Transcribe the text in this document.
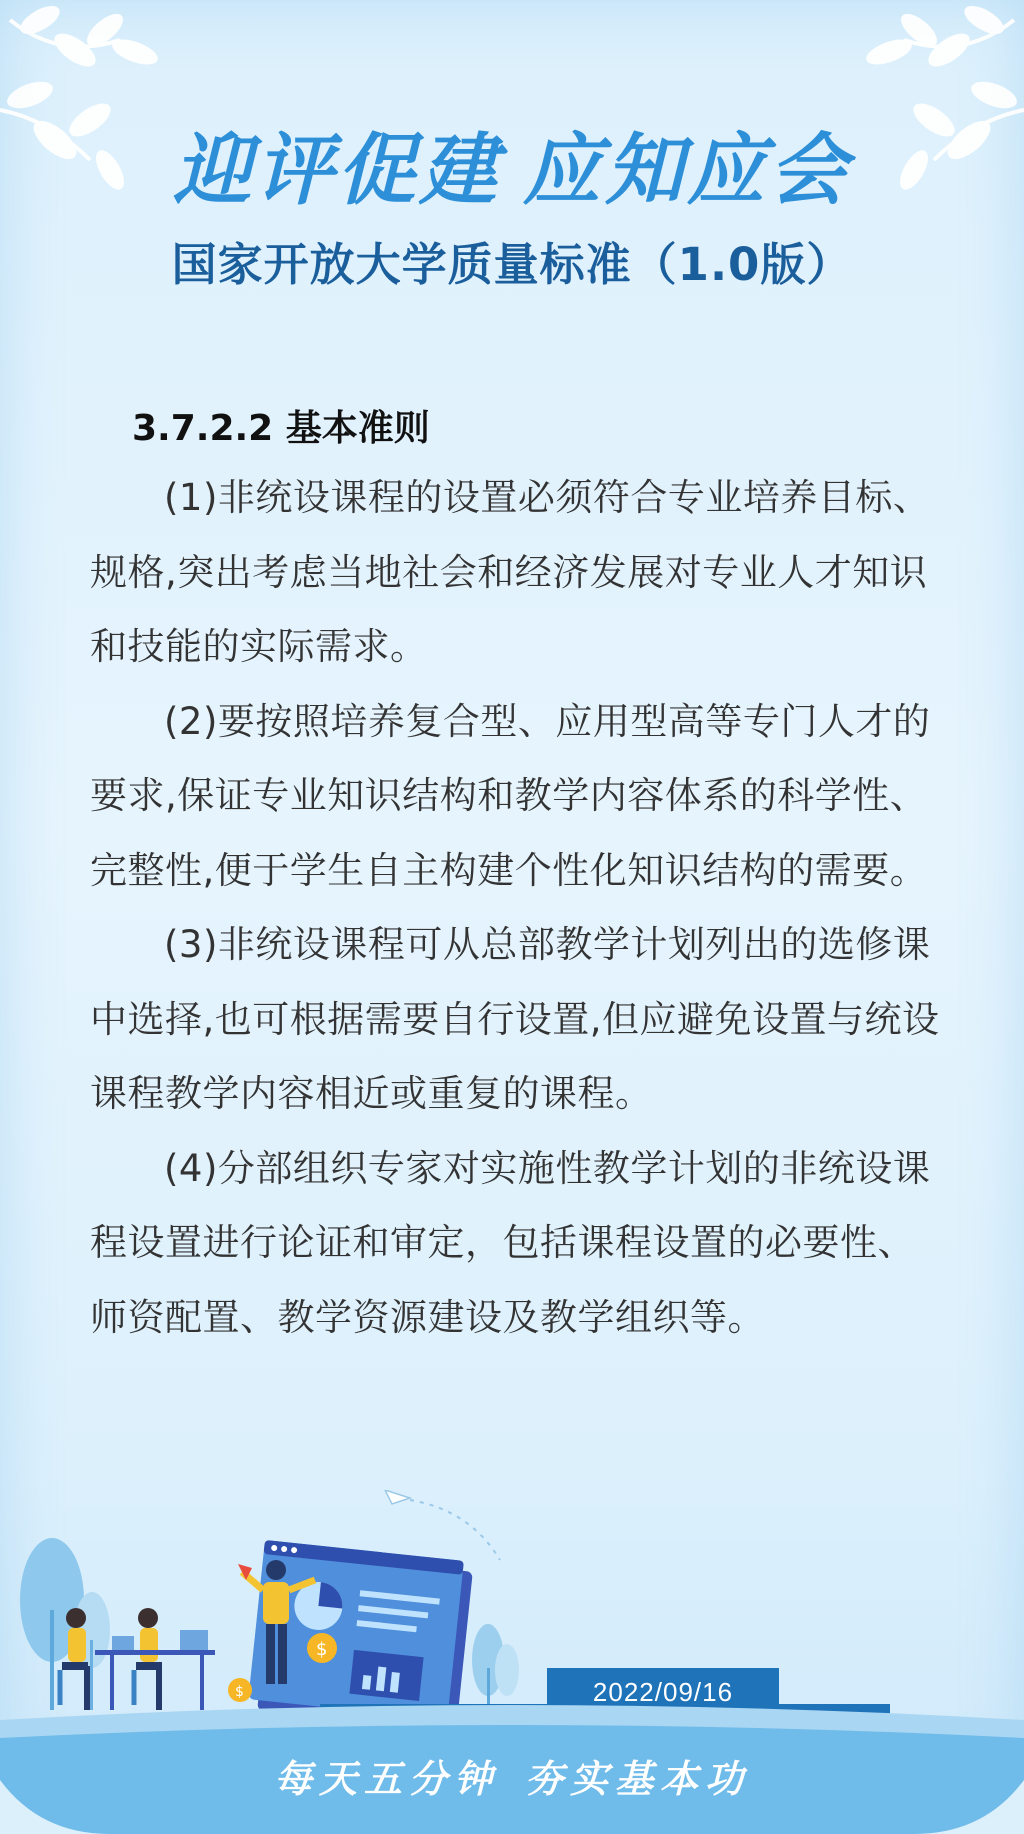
迎评促建 应知应会
国家开放大学质量标准（1.0版）
3.7.2.2 基本准则

(1)非统设课程的设置必须符合专业培养目标、规格,突出考虑当地社会和经济发展对专业人才知识和技能的实际需求。

(2)要按照培养复合型、应用型高等专门人才的要求,保证专业知识结构和教学内容体系的科学性、完整性,便于学生自主构建个性化知识结构的需要。

(3)非统设课程可从总部教学计划列出的选修课中选择,也可根据需要自行设置,但应避免设置与统设课程教学内容相近或重复的课程。

(4)分部组织专家对实施性教学计划的非统设课程设置进行论证和审定，包括课程设置的必要性、师资配置、教学资源建设及教学组织等。

$
$	2022/09/16
每天五分钟 夯实基本功
